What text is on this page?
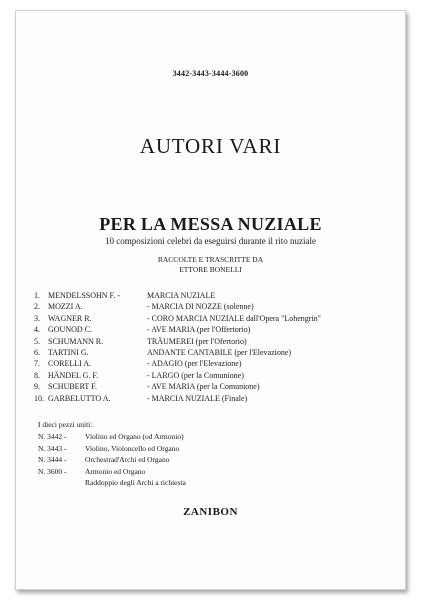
3442-3443-3444-3600
AUTORI VARI
PER LA MESSA NUZIALE
10 composizioni celebri da eseguirsi durante il rito nuziale
RACCOLTE E TRASCRITTE DA
ETTORE BONELLI
1. MENDELSSOHN F. -	MARCIA NUZIALE
2. MOZZI A.	- MARCIA DI NOZZE (solenne)
3. WAGNER R.	- CORO MARCIA NUZIALE dall'Opera "Lohengrin"
4. GOUNOD C.	- AVE MARIA (per l'Offertorio)
5. SCHUMANN R.	TRÄUMEREI (per l'Ofertorio)
6. TARTINI G.	ANDANTE CANTABILE (per l'Elevazione)
7. CORELLI A.	- ADAGIO (per l'Elevazione)
8. HÄNDEL G. F.	- LARGO (per la Comunione)
9. SCHUBERT F.	- AVE MARIA (per la Comunione)
10. GARBELUTTO A.	- MARCIA NUZIALE (Finale)
I dieci pezzi uniti:
N. 3442 - Violino ed Organo (od Armonio)
N. 3443 - Violino, Violoncello ed Organo
N. 3444 - Orchestrad'Archi ed Organo
N. 3600 - Armonio ed Organo
Raddoppio degli Archi a richiesta
ZANIBON
